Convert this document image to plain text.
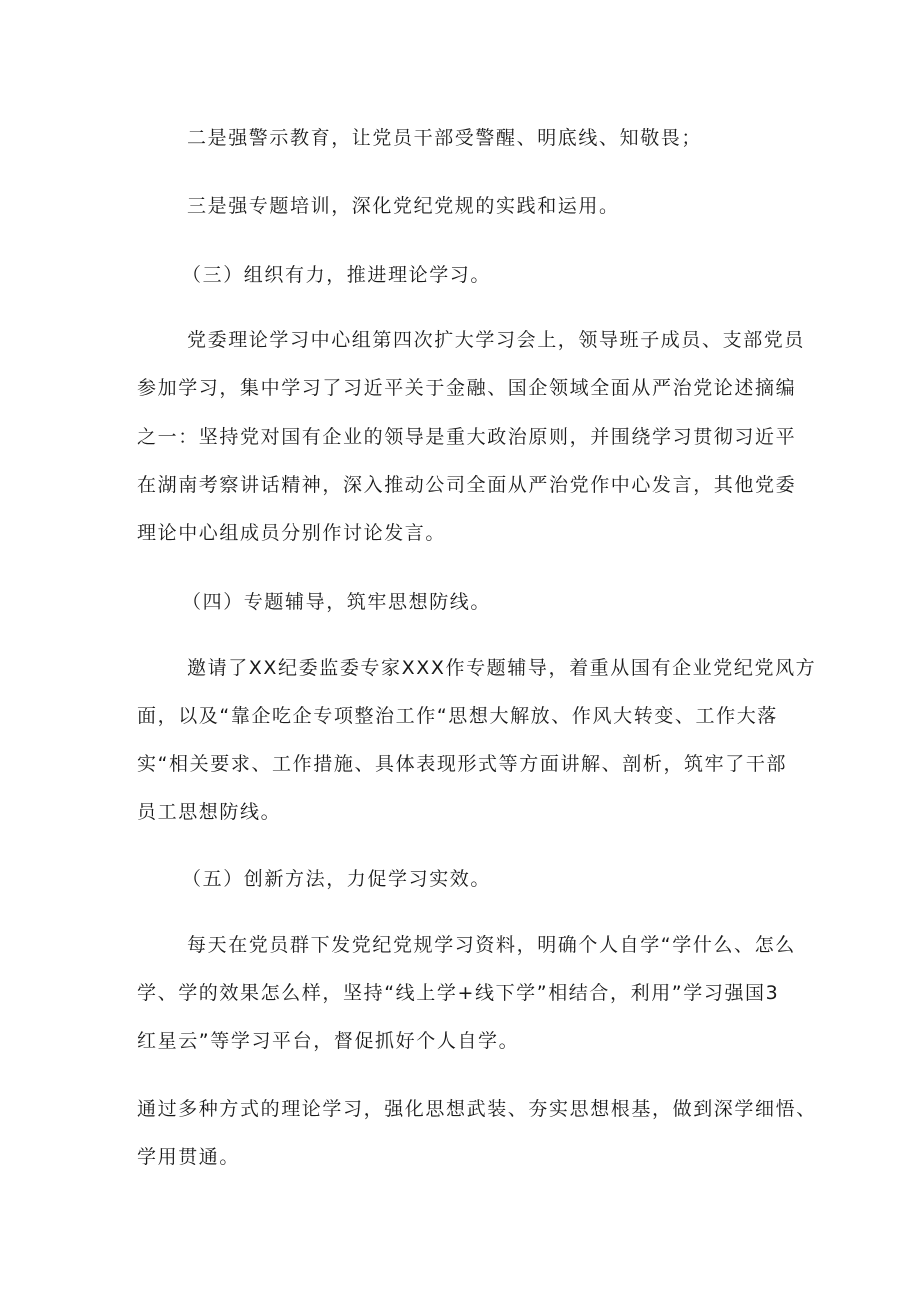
二是强警示教育，让党员干部受警醒、明底线、知敬畏；
三是强专题培训，深化党纪党规的实践和运用。
（三）组织有力，推进理论学习。
党委理论学习中心组第四次扩大学习会上，领导班子成员、支部党员
参加学习，集中学习了习近平关于金融、国企领域全面从严治党论述摘编
之一：坚持党对国有企业的领导是重大政治原则，并围绕学习贯彻习近平
在湖南考察讲话精神，深入推动公司全面从严治党作中心发言，其他党委
理论中心组成员分别作讨论发言。
（四）专题辅导，筑牢思想防线。
邀请了XX纪委监委专家XXX作专题辅导，着重从国有企业党纪党风方
面，以及“靠企吃企专项整治工作“思想大解放、作风大转变、工作大落
实“相关要求、工作措施、具体表现形式等方面讲解、剖析，筑牢了干部
员工思想防线。
（五）创新方法，力促学习实效。
每天在党员群下发党纪党规学习资料，明确个人自学“学什么、怎么
学、学的效果怎么样，坚持“线上学+线下学”相结合，利用”学习强国3
红星云”等学习平台，督促抓好个人自学。
通过多种方式的理论学习，强化思想武装、夯实思想根基，做到深学细悟、
学用贯通。
